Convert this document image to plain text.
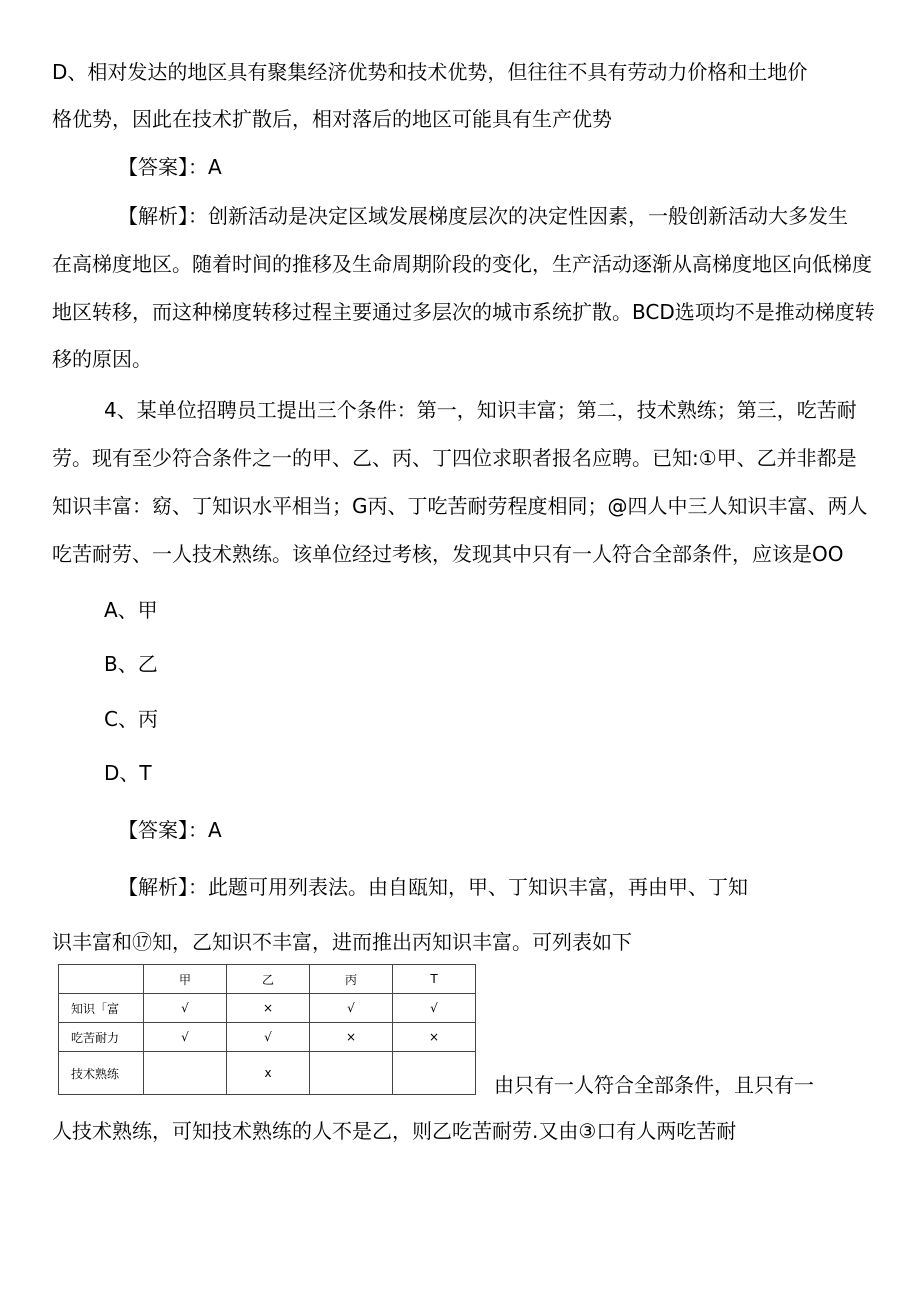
D、相对发达的地区具有聚集经济优势和技术优势，但往往不具有劳动力价格和土地价
格优势，因此在技术扩散后，相对落后的地区可能具有生产优势
【答案】：A
【解析】：创新活动是决定区域发展梯度层次的决定性因素，一般创新活动大多发生
在高梯度地区。随着时间的推移及生命周期阶段的变化，生产活动逐渐从高梯度地区向低梯度
地区转移，而这种梯度转移过程主要通过多层次的城市系统扩散。BCD选项均不是推动梯度转
移的原因。
4、某单位招聘员工提出三个条件：第一，知识丰富；第二，技术熟练；第三，吃苦耐
劳。现有至少符合条件之一的甲、乙、丙、丁四位求职者报名应聘。已知:①甲、乙并非都是
知识丰富：窈、丁知识水平相当；G丙、丁吃苦耐劳程度相同；@四人中三人知识丰富、两人
吃苦耐劳、一人技术熟练。该单位经过考核，发现其中只有一人符合全部条件，应该是OO
A、甲
B、乙
C、丙
D、T
【答案】：A
【解析】：此题可用列表法。由自瓯知，甲、丁知识丰富，再由甲、丁知
识丰富和⑰知，乙知识不丰富，进而推出丙知识丰富。可列表如下
	甲	乙	丙	T
知识「富	√	×	√	√
吃苦耐力	√	√	×	×
技术熟练		x			由只有一人符合全部条件，且只有一
人技术熟练，可知技术熟练的人不是乙，则乙吃苦耐劳.又由③口有人两吃苦耐
